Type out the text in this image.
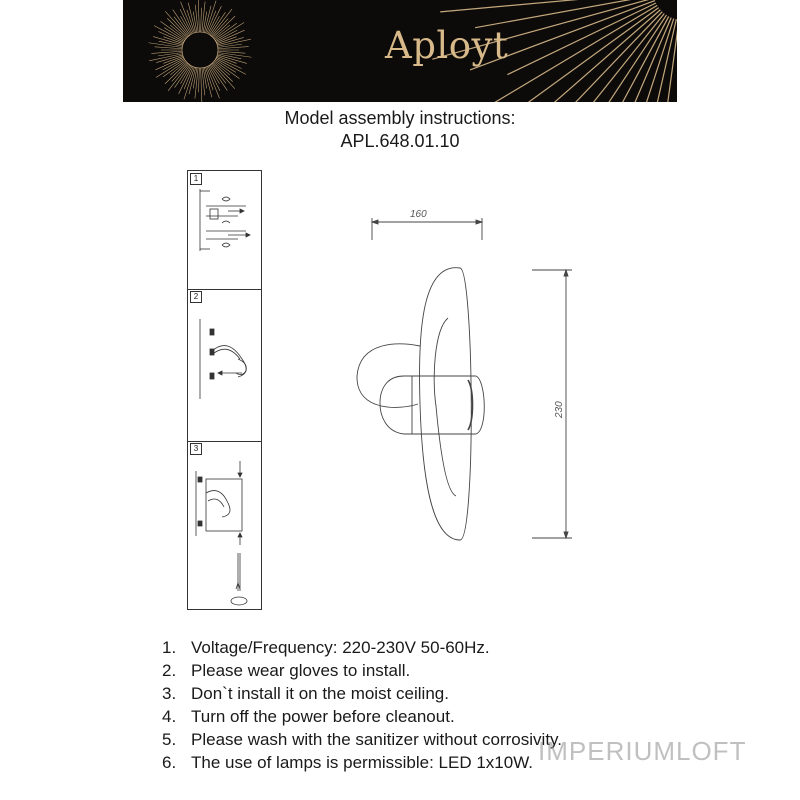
Aployt
Model assembly instructions:
APL.648.01.10
1
2
3
160
230
1. Voltage/Frequency: 220-230V 50-60Hz.
2. Please wear gloves to install.
3. Don`t install it on the moist ceiling.
4. Turn off the power before cleanout.
5. Please wash with the sanitizer without corrosivity.
6. The use of lamps is permissible: LED 1x10W. IMPERIUMLOFT
